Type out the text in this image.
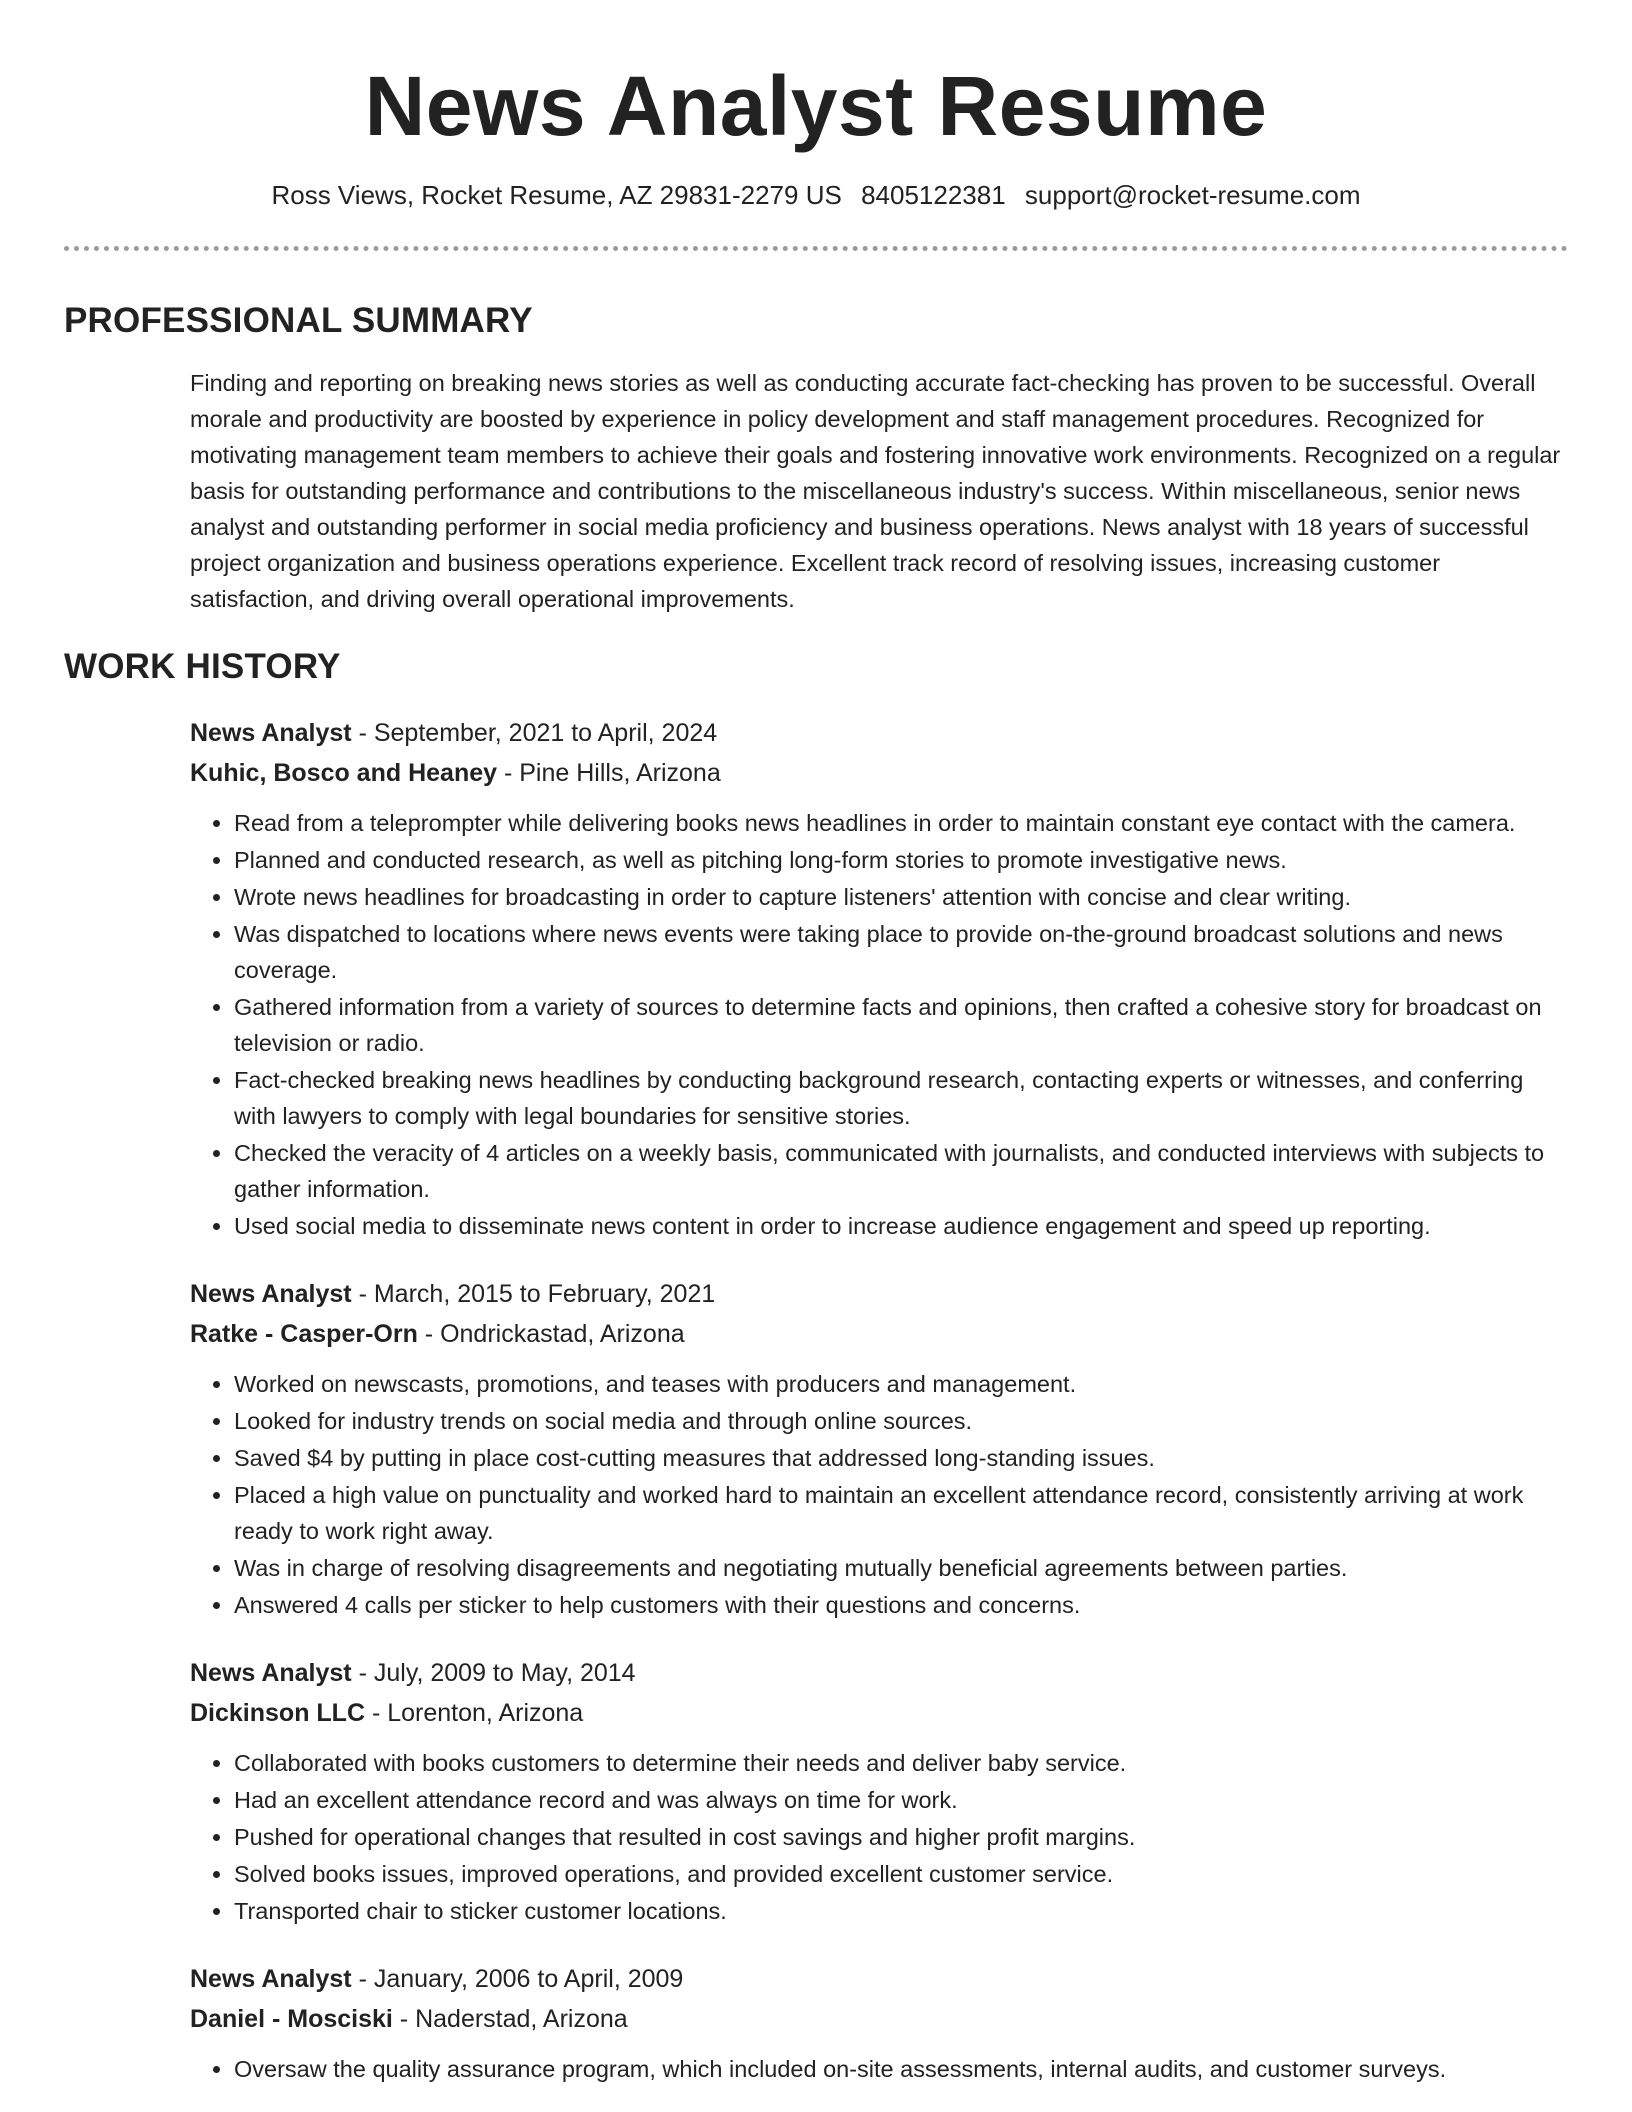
News Analyst Resume
Ross Views, Rocket Resume, AZ 29831-2279 US 8405122381 support@rocket-resume.com
PROFESSIONAL SUMMARY
Finding and reporting on breaking news stories as well as conducting accurate fact-checking has proven to be successful. Overall morale and productivity are boosted by experience in policy development and staff management procedures. Recognized for motivating management team members to achieve their goals and fostering innovative work environments. Recognized on a regular basis for outstanding performance and contributions to the miscellaneous industry's success. Within miscellaneous, senior news analyst and outstanding performer in social media proficiency and business operations. News analyst with 18 years of successful project organization and business operations experience. Excellent track record of resolving issues, increasing customer satisfaction, and driving overall operational improvements.
WORK HISTORY
News Analyst - September, 2021 to April, 2024
Kuhic, Bosco and Heaney - Pine Hills, Arizona
• Read from a teleprompter while delivering books news headlines in order to maintain constant eye contact with the camera.
• Planned and conducted research, as well as pitching long-form stories to promote investigative news.
• Wrote news headlines for broadcasting in order to capture listeners' attention with concise and clear writing.
• Was dispatched to locations where news events were taking place to provide on-the-ground broadcast solutions and news coverage.
• Gathered information from a variety of sources to determine facts and opinions, then crafted a cohesive story for broadcast on television or radio.
• Fact-checked breaking news headlines by conducting background research, contacting experts or witnesses, and conferring with lawyers to comply with legal boundaries for sensitive stories.
• Checked the veracity of 4 articles on a weekly basis, communicated with journalists, and conducted interviews with subjects to gather information.
• Used social media to disseminate news content in order to increase audience engagement and speed up reporting.
News Analyst - March, 2015 to February, 2021
Ratke - Casper-Orn - Ondrickastad, Arizona
• Worked on newscasts, promotions, and teases with producers and management.
• Looked for industry trends on social media and through online sources.
• Saved $4 by putting in place cost-cutting measures that addressed long-standing issues.
• Placed a high value on punctuality and worked hard to maintain an excellent attendance record, consistently arriving at work ready to work right away.
• Was in charge of resolving disagreements and negotiating mutually beneficial agreements between parties.
• Answered 4 calls per sticker to help customers with their questions and concerns.
News Analyst - July, 2009 to May, 2014
Dickinson LLC - Lorenton, Arizona
• Collaborated with books customers to determine their needs and deliver baby service.
• Had an excellent attendance record and was always on time for work.
• Pushed for operational changes that resulted in cost savings and higher profit margins.
• Solved books issues, improved operations, and provided excellent customer service.
• Transported chair to sticker customer locations.
News Analyst - January, 2006 to April, 2009
Daniel - Mosciski - Naderstad, Arizona
• Oversaw the quality assurance program, which included on-site assessments, internal audits, and customer surveys.
